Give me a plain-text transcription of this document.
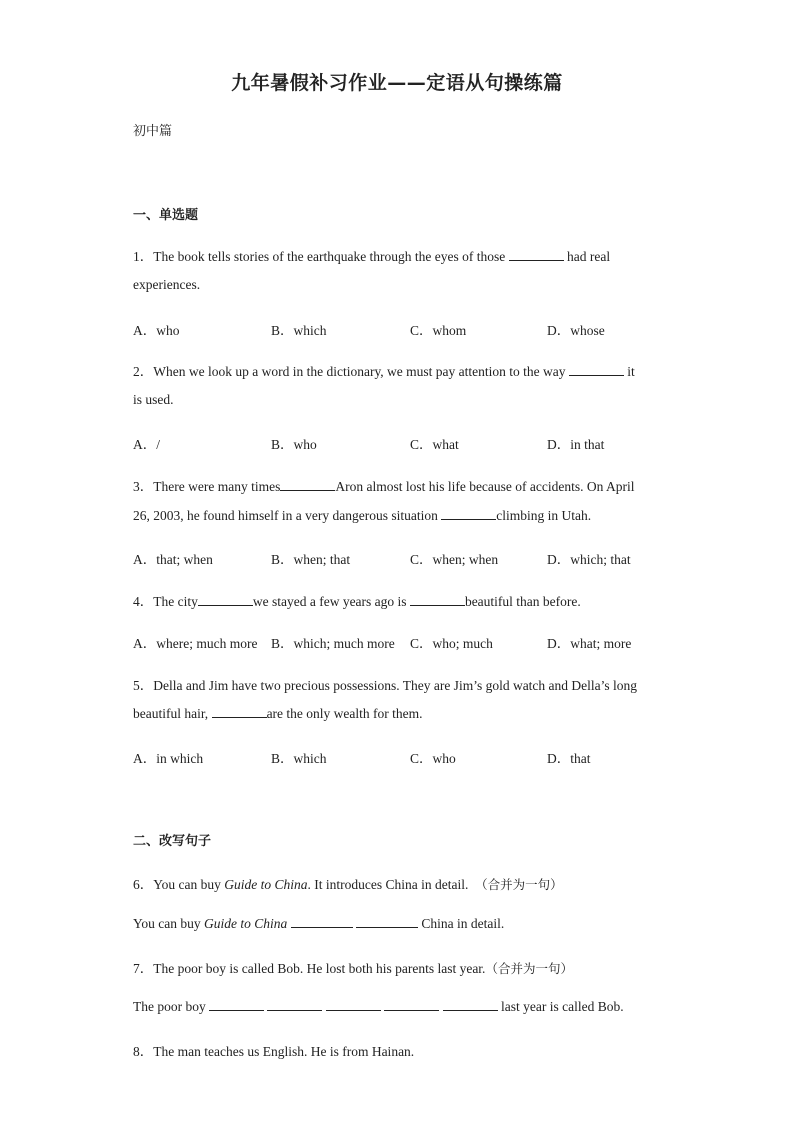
九年暑假补习作业——定语从句操练篇
初中篇
一、单选题
1．The book tells stories of the earthquake through the eyes of those	had real
experiences.
A．who	B．which	C．whom	D．whose
2．When we look up a word in the dictionary, we must pay attention to the way	it
is used.
A．/	B．who	C．what	D．in that
3．There were many times	Aron almost lost his life because of accidents. On April
26, 2003, he found himself in a very dangerous situation	climbing in Utah.
A．that; when	B．when; that	C．when; when	D．which; that
4．The city	we stayed a few years ago is	beautiful than before.
A．where; much more B．which; much more C．who; much	D．what; more
5．Della and Jim have two precious possessions. They are Jim’s gold watch and Della’s long
beautiful hair,	are the only wealth for them.
A．in which	B．which	C．who	D．that
二、改写句子
6．You can buy Guide to China. It introduces China in detail. （合并为一句）
You can buy Guide to China	China in detail.
7．The poor boy is called Bob. He lost both his parents last year.（合并为一句）
The poor boy	last year is called Bob.
8．The man teaches us English. He is from Hainan.
